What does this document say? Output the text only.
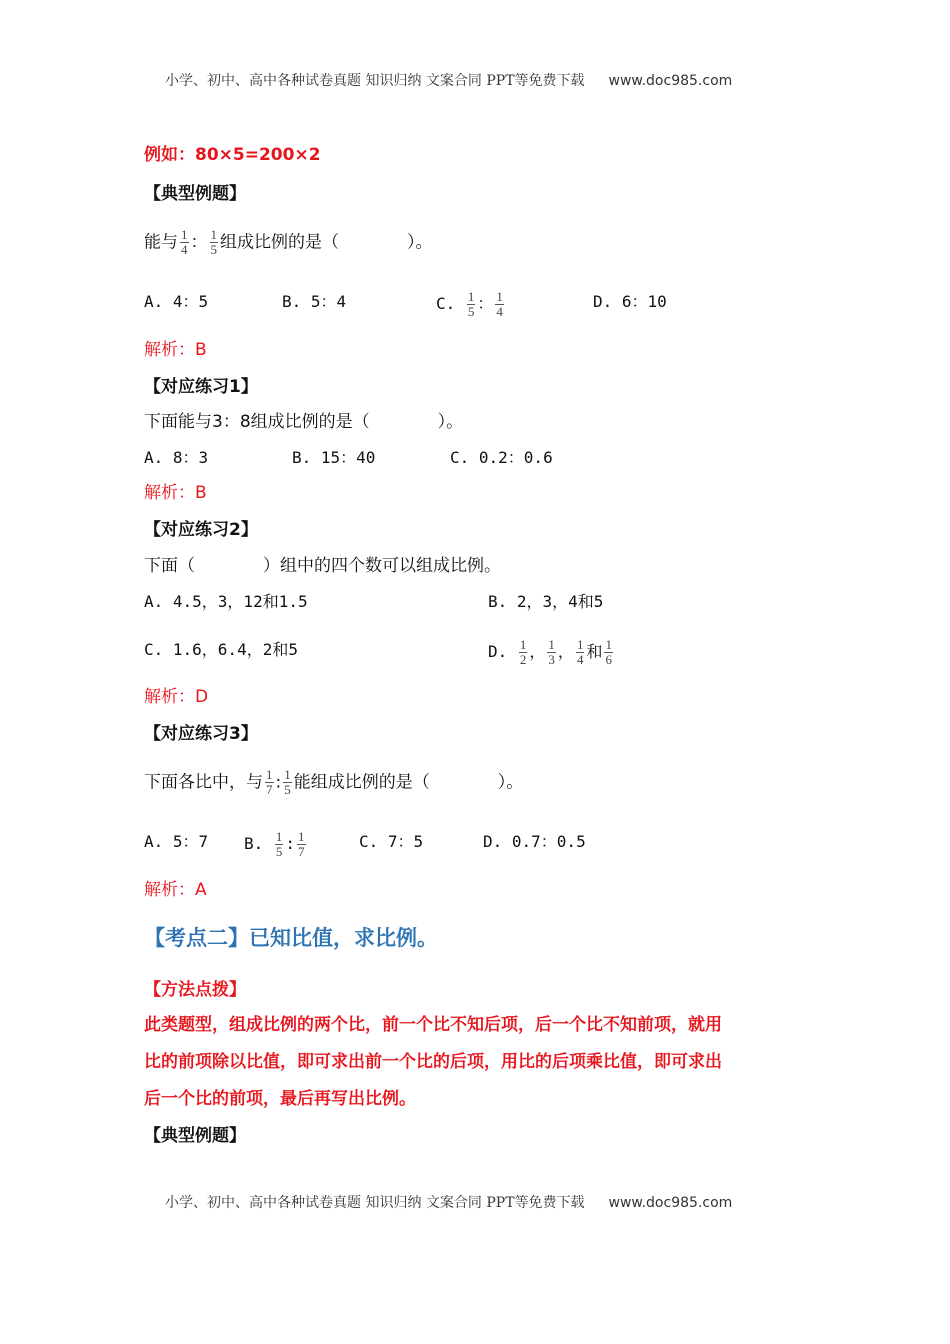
小学、初中、高中各种试卷真题 知识归纳 文案合同 PPT等免费下载 www.doc985.com
例如：80×5=200×2
【典型例题】
能与 $\frac{1}{4}$ ： $\frac{1}{5}$ 组成比例的是（　　　　）。
A. 4：5	B. 5：4	C. $\frac{1}{5}$ ： $\frac{1}{4}$	D. 6：10
解析：B
【对应练习1】
下面能与3：8组成比例的是（　　　　）。
A. 8：3	B. 15：40	C. 0.2：0.6
解析：B
【对应练习2】
下面（　　　　）组中的四个数可以组成比例。
A. 4.5，3，12和1.5	B. 2，3，4和5
C. 1.6，6.4，2和5	D. $\frac{1}{2}$ ， $\frac{1}{3}$ ， $\frac{1}{4}$ 和 $\frac{1}{6}$
解析：D
【对应练习3】
下面各比中，与 $\frac{1}{7}$ : $\frac{1}{5}$ 能组成比例的是（　　　　）。
A. 5：7 B. $\frac{1}{5}$ : $\frac{1}{7}$	C. 7：5	D. 0.7：0.5
解析：A
【考点二】已知比值，求比例。
【方法点拨】
此类题型，组成比例的两个比，前一个比不知后项，后一个比不知前项，就用
比的前项除以比值，即可求出前一个比的后项，用比的后项乘比值，即可求出
后一个比的前项，最后再写出比例。
【典型例题】
小学、初中、高中各种试卷真题 知识归纳 文案合同 PPT等免费下载 www.doc985.com
